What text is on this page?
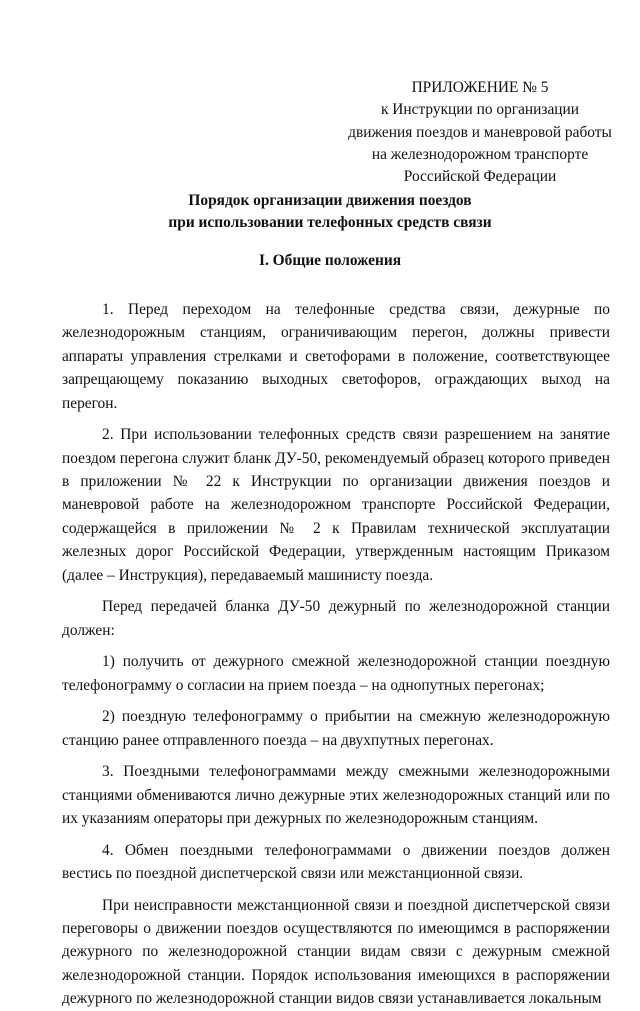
ПРИЛОЖЕНИЕ № 5
к Инструкции по организации
движения поездов и маневровой работы
на железнодорожном транспорте
Российской Федерации
Порядок организации движения поездов
при использовании телефонных средств связи
I. Общие положения

1. Перед переходом на телефонные средства связи, дежурные по железнодорожным станциям, ограничивающим перегон, должны привести аппараты управления стрелками и светофорами в положение, соответствующее запрещающему показанию выходных светофоров, ограждающих выход на перегон.

2. При использовании телефонных средств связи разрешением на занятие поездом перегона служит бланк ДУ-50, рекомендуемый образец которого приведен в приложении № 22 к Инструкции по организации движения поездов и маневровой работе на железнодорожном транспорте Российской Федерации, содержащейся в приложении № 2 к Правилам технической эксплуатации железных дорог Российской Федерации, утвержденным настоящим Приказом (далее – Инструкция), передаваемый машинисту поезда.

Перед передачей бланка ДУ-50 дежурный по железнодорожной станции должен:

1) получить от дежурного смежной железнодорожной станции поездную телефонограмму о согласии на прием поезда – на однопутных перегонах;

2) поездную телефонограмму о прибытии на смежную железнодорожную станцию ранее отправленного поезда – на двухпутных перегонах.

3. Поездными телефонограммами между смежными железнодорожными станциями обмениваются лично дежурные этих железнодорожных станций или по их указаниям операторы при дежурных по железнодорожным станциям.

4. Обмен поездными телефонограммами о движении поездов должен вестись по поездной диспетчерской связи или межстанционной связи.

При неисправности межстанционной связи и поездной диспетчерской связи переговоры о движении поездов осуществляются по имеющимся в распоряжении дежурного по железнодорожной станции видам связи с дежурным смежной железнодорожной станции. Порядок использования имеющихся в распоряжении дежурного по железнодорожной станции видов связи устанавливается локальным
